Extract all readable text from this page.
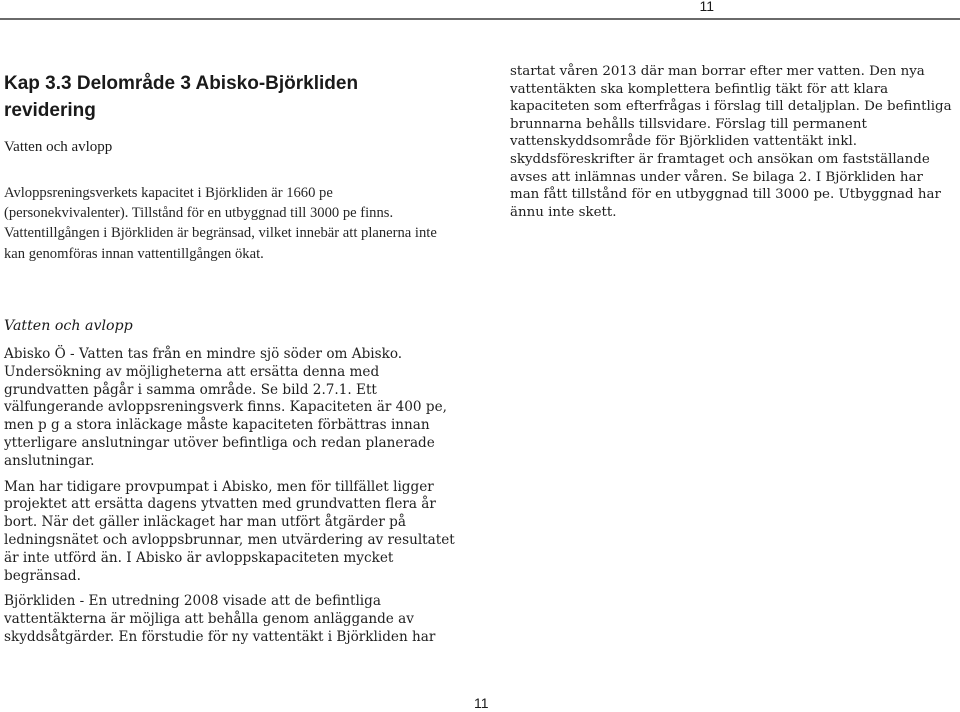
11
Kap 3.3 Delområde 3 Abisko-Björkliden revidering
Vatten och avlopp

Avloppsreningsverkets kapacitet i Björkliden är 1660 pe (personekvivalenter). Tillstånd för en utbyggnad till 3000 pe finns.

Vattentillgången i Björkliden är begränsad, vilket innebär att planerna inte kan genomföras innan vattentillgången ökat.

startat våren 2013 där man borrar efter mer vatten. Den nya vattentäkten ska komplettera befintlig täkt för att klara kapaciteten som efterfrågas i förslag till detaljplan. De befintliga brunnarna behålls tillsvidare. Förslag till permanent vattenskyddsområde för Björkliden vattentäkt inkl. skyddsföreskrifter är framtaget och ansökan om fastställande avses att inlämnas under våren. Se bilaga 2. I Björkliden har man fått tillstånd för en utbyggnad till 3000 pe. Utbyggnad har ännu inte skett.

Vatten och avlopp

Abisko Ö - Vatten tas från en mindre sjö söder om Abisko. Undersökning av möjligheterna att ersätta denna med grundvatten pågår i samma område. Se bild 2.7.1. Ett välfungerande avloppsreningsverk finns. Kapaciteten är 400 pe, men p g a stora inläckage måste kapaciteten förbättras innan ytterligare anslutningar utöver befintliga och redan planerade anslutningar.

Man har tidigare provpumpat i Abisko, men för tillfället ligger projektet att ersätta dagens ytvatten med grundvatten flera år bort. När det gäller inläckaget har man utfört åtgärder på ledningsnätet och avloppsbrunnar, men utvärdering av resultatet är inte utförd än. I Abisko är avloppskapaciteten mycket begränsad.

Björkliden - En utredning 2008 visade att de befintliga vattentäkterna är möjliga att behålla genom anläggande av skyddsåtgärder. En förstudie för ny vattentäkt i Björkliden har

11
